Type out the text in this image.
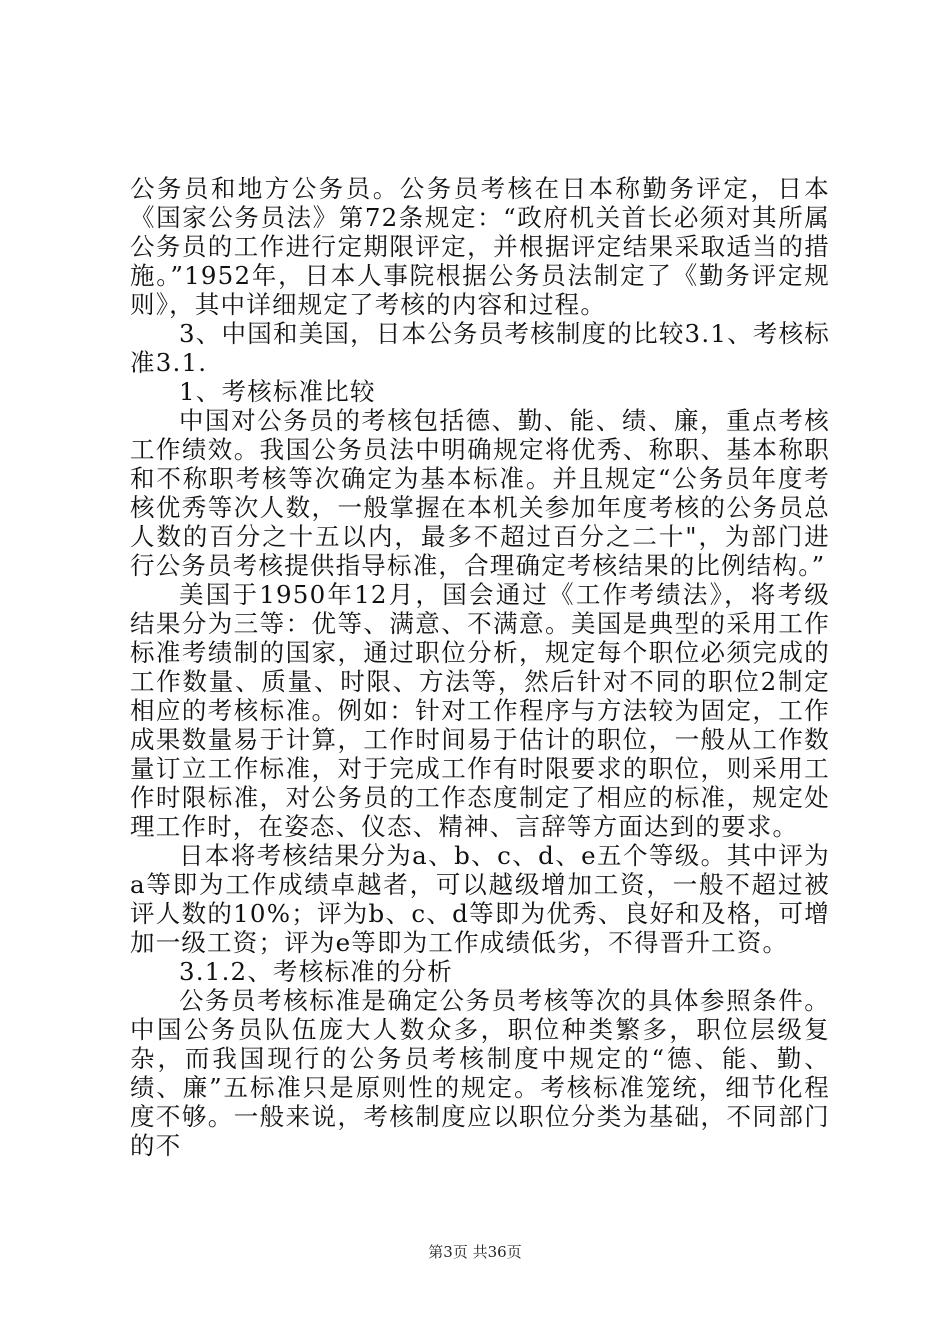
公务员和地方公务员。公务员考核在日本称勤务评定，日本《国家公务员法》第72条规定：“政府机关首长必须对其所属公务员的工作进行定期限评定，并根据评定结果采取适当的措施。”1952年，日本人事院根据公务员法制定了《勤务评定规则》，其中详细规定了考核的内容和过程。

3、中国和美国，日本公务员考核制度的比较3.1、考核标准3.1.

1、考核标准比较

中国对公务员的考核包括德、勤、能、绩、廉，重点考核工作绩效。我国公务员法中明确规定将优秀、称职、基本称职和不称职考核等次确定为基本标准。并且规定“公务员年度考核优秀等次人数，一般掌握在本机关参加年度考核的公务员总人数的百分之十五以内，最多不超过百分之二十"，为部门进行公务员考核提供指导标准，合理确定考核结果的比例结构。”

美国于1950年12月，国会通过《工作考绩法》，将考级结果分为三等：优等、满意、不满意。美国是典型的采用工作标准考绩制的国家，通过职位分析，规定每个职位必须完成的工作数量、质量、时限、方法等，然后针对不同的职位2制定相应的考核标准。例如：针对工作程序与方法较为固定，工作成果数量易于计算，工作时间易于估计的职位，一般从工作数量订立工作标准，对于完成工作有时限要求的职位，则采用工作时限标准，对公务员的工作态度制定了相应的标准，规定处理工作时，在姿态、仪态、精神、言辞等方面达到的要求。

日本将考核结果分为a、b、c、d、e五个等级。其中评为a等即为工作成绩卓越者，可以越级增加工资，一般不超过被评人数的10%；评为b、c、d等即为优秀、良好和及格，可增加一级工资；评为e等即为工作成绩低劣，不得晋升工资。

3.1.2、考核标准的分析

公务员考核标准是确定公务员考核等次的具体参照条件。中国公务员队伍庞大人数众多，职位种类繁多，职位层级复杂，而我国现行的公务员考核制度中规定的“德、能、勤、绩、廉”五标准只是原则性的规定。考核标准笼统，细节化程度不够。一般来说，考核制度应以职位分类为基础，不同部门的不

第3页 共36页
